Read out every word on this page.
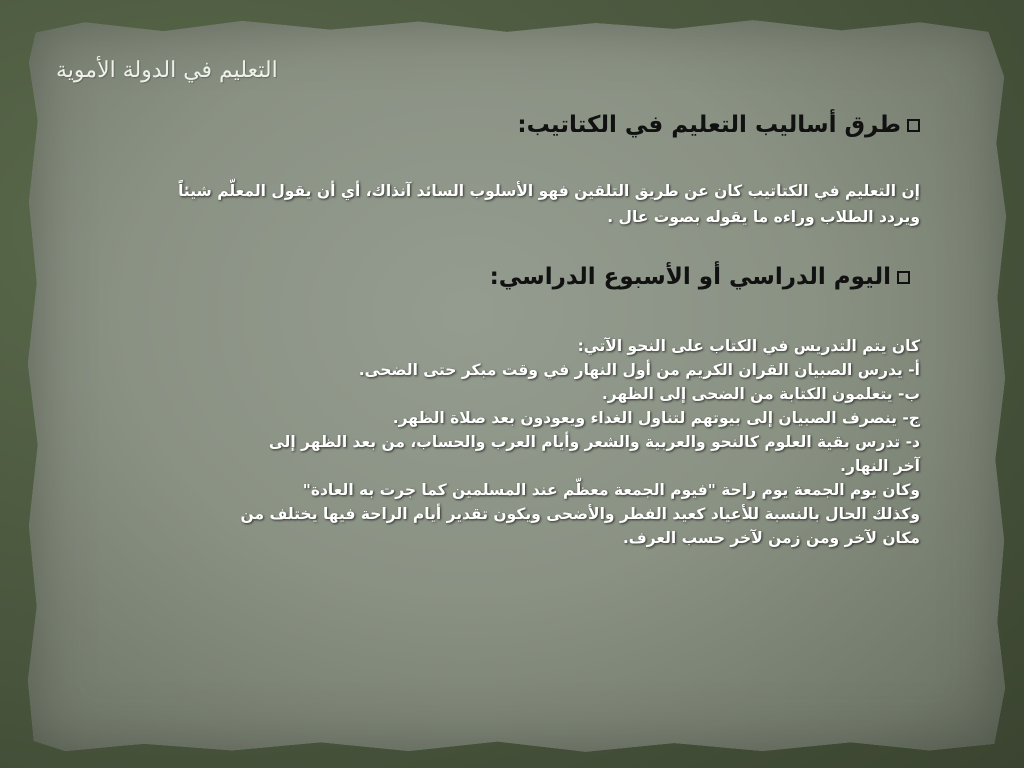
التعليم في الدولة الأموية
طرق أساليب التعليم في الكتاتيب:
إن التعليم في الكتاتيب كان عن طريق التلقين فهو الأسلوب السائد آنذاك، أي أن يقول المعلّم شيئاً
ويردد الطلاب وراءه ما يقوله بصوت عال .
اليوم الدراسي أو الأسبوع الدراسي:
كان يتم التدريس في الكتاب على النحو الآتي:
أ- يدرس الصبيان القران الكريم من أول النهار في وقت مبكر حتى الضحى.
ب- يتعلمون الكتابة من الضحى إلى الظهر.
ج- ينصرف الصبيان إلى بيوتهم لتناول الغداء ويعودون بعد صلاة الظهر.
د- تدرس بقية العلوم كالنحو والعربية والشعر وأيام العرب والحساب، من بعد الظهر إلى
آخر النهار.
وكان يوم الجمعة يوم راحة "فيوم الجمعة معظّم عند المسلمين كما جرت به العادة"
وكذلك الحال بالنسبة للأعياد كعيد الفطر والأضحى ويكون تقدير أيام الراحة فيها يختلف من
مكان لآخر ومن زمن لآخر حسب العرف.
